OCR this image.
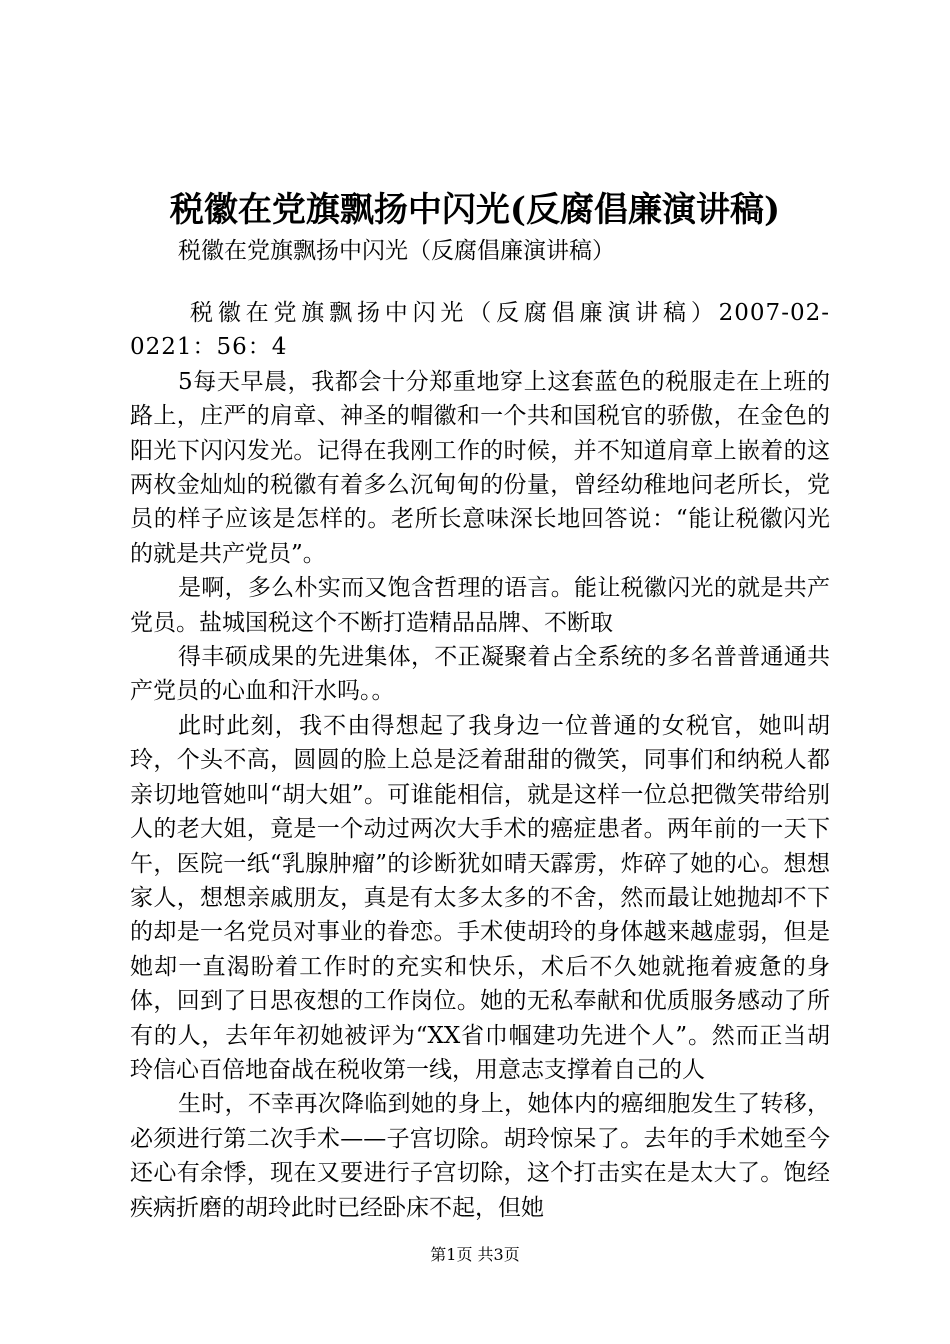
税徽在党旗飘扬中闪光(反腐倡廉演讲稿)
税徽在党旗飘扬中闪光（反腐倡廉演讲稿）

税徽在党旗飘扬中闪光（反腐倡廉演讲稿）2007-02-0221：56：4

5每天早晨，我都会十分郑重地穿上这套蓝色的税服走在上班的路上，庄严的肩章、神圣的帽徽和一个共和国税官的骄傲，在金色的阳光下闪闪发光。记得在我刚工作的时候，并不知道肩章上嵌着的这两枚金灿灿的税徽有着多么沉甸甸的份量，曾经幼稚地问老所长，党员的样子应该是怎样的。老所长意味深长地回答说：“能让税徽闪光的就是共产党员”。

是啊，多么朴实而又饱含哲理的语言。能让税徽闪光的就是共产党员。盐城国税这个不断打造精品品牌、不断取

得丰硕成果的先进集体，不正凝聚着占全系统的多名普普通通共产党员的心血和汗水吗。。

此时此刻，我不由得想起了我身边一位普通的女税官，她叫胡玲，个头不高，圆圆的脸上总是泛着甜甜的微笑，同事们和纳税人都亲切地管她叫“胡大姐”。可谁能相信，就是这样一位总把微笑带给别人的老大姐，竟是一个动过两次大手术的癌症患者。两年前的一天下午，医院一纸“乳腺肿瘤”的诊断犹如晴天霹雳，炸碎了她的心。想想家人，想想亲戚朋友，真是有太多太多的不舍，然而最让她抛却不下的却是一名党员对事业的眷恋。手术使胡玲的身体越来越虚弱，但是她却一直渴盼着工作时的充实和快乐，术后不久她就拖着疲惫的身体，回到了日思夜想的工作岗位。她的无私奉献和优质服务感动了所有的人，去年年初她被评为“XX省巾帼建功先进个人”。然而正当胡玲信心百倍地奋战在税收第一线，用意志支撑着自己的人

生时，不幸再次降临到她的身上，她体内的癌细胞发生了转移，必须进行第二次手术——子宫切除。胡玲惊呆了。去年的手术她至今还心有余悸，现在又要进行子宫切除，这个打击实在是太大了。饱经疾病折磨的胡玲此时已经卧床不起，但她

第1页 共3页
